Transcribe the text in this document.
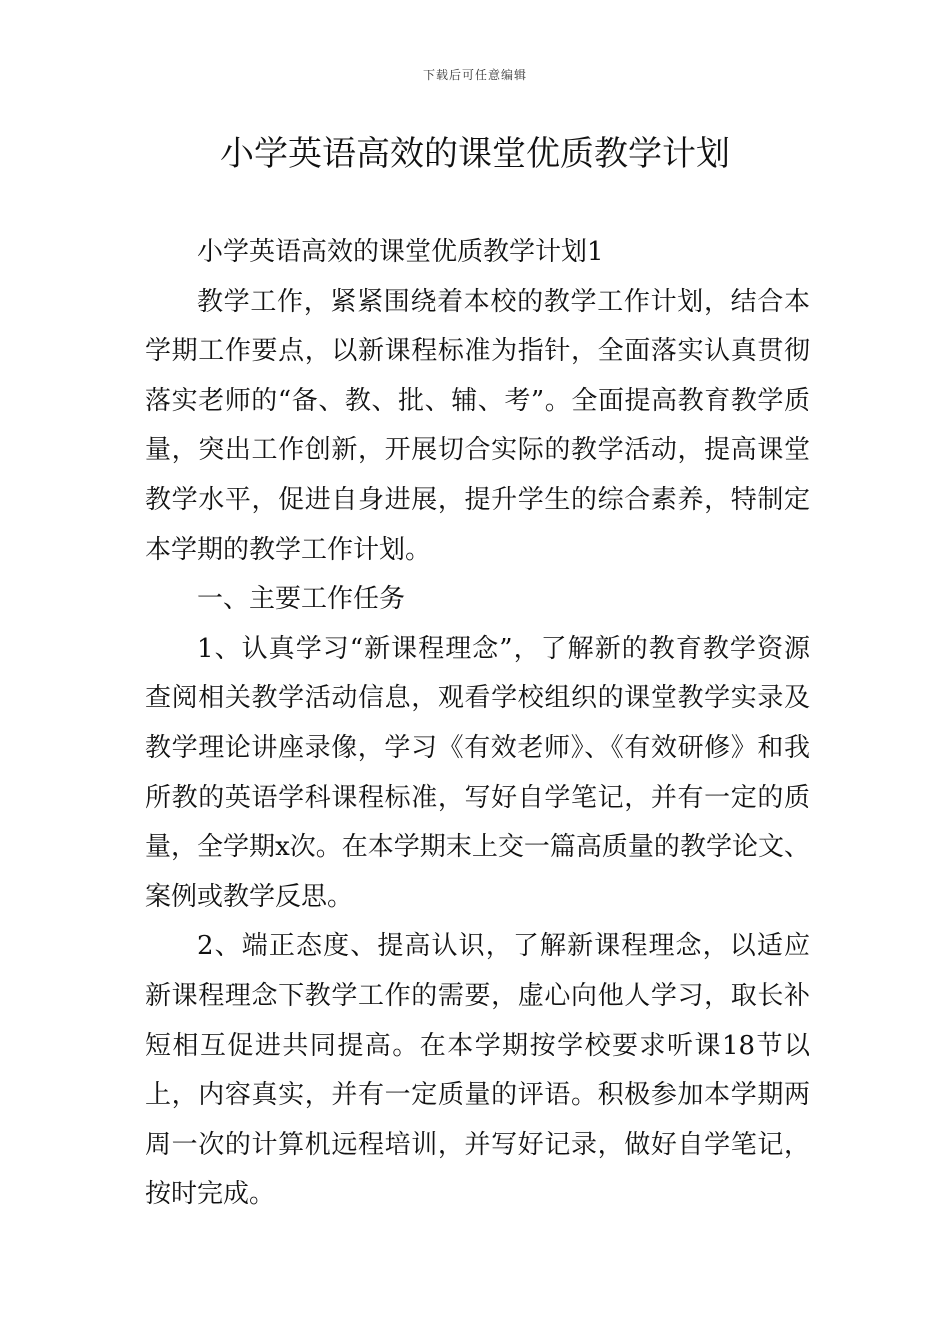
下载后可任意编辑
小学英语高效的课堂优质教学计划

小学英语高效的课堂优质教学计划1

教学工作，紧紧围绕着本校的教学工作计划，结合本学期工作要点，以新课程标准为指针，全面落实认真贯彻落实老师的“备、教、批、辅、考”。全面提高教育教学质量，突出工作创新，开展切合实际的教学活动，提高课堂教学水平，促进自身进展，提升学生的综合素养，特制定本学期的教学工作计划。

一、主要工作任务

1、认真学习“新课程理念”，了解新的教育教学资源查阅相关教学活动信息，观看学校组织的课堂教学实录及教学理论讲座录像，学习《有效老师》、《有效研修》和我所教的英语学科课程标准，写好自学笔记，并有一定的质量，全学期x次。在本学期末上交一篇高质量的教学论文、案例或教学反思。

2、端正态度、提高认识，了解新课程理念，以适应新课程理念下教学工作的需要，虚心向他人学习，取长补短相互促进共同提高。在本学期按学校要求听课18节以上，内容真实，并有一定质量的评语。积极参加本学期两周一次的计算机远程培训，并写好记录，做好自学笔记，按时完成。
